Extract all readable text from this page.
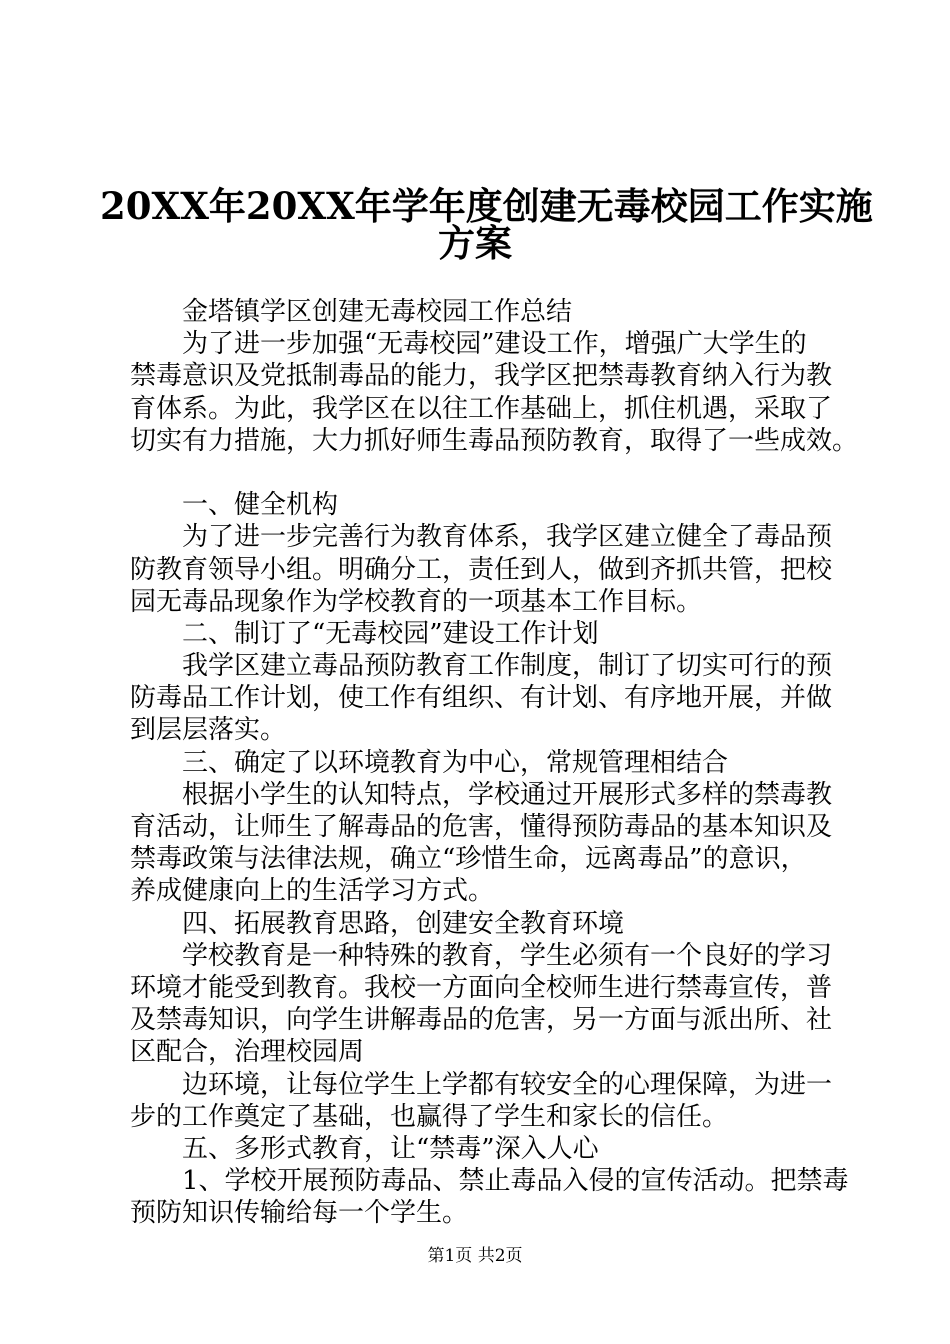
20XX年20XX年学年度创建无毒校园工作实施
方案
金塔镇学区创建无毒校园工作总结
为了进一步加强“无毒校园”建设工作，增强广大学生的
禁毒意识及党抵制毒品的能力，我学区把禁毒教育纳入行为教
育体系。为此，我学区在以往工作基础上，抓住机遇，采取了
切实有力措施，大力抓好师生毒品预防教育，取得了一些成效。
一、健全机构
为了进一步完善行为教育体系，我学区建立健全了毒品预
防教育领导小组。明确分工，责任到人，做到齐抓共管，把校
园无毒品现象作为学校教育的一项基本工作目标。
二、制订了“无毒校园”建设工作计划
我学区建立毒品预防教育工作制度，制订了切实可行的预
防毒品工作计划，使工作有组织、有计划、有序地开展，并做
到层层落实。
三、确定了以环境教育为中心，常规管理相结合
根据小学生的认知特点，学校通过开展形式多样的禁毒教
育活动，让师生了解毒品的危害，懂得预防毒品的基本知识及
禁毒政策与法律法规，确立“珍惜生命，远离毒品”的意识，
养成健康向上的生活学习方式。
四、拓展教育思路，创建安全教育环境
学校教育是一种特殊的教育，学生必须有一个良好的学习
环境才能受到教育。我校一方面向全校师生进行禁毒宣传，普
及禁毒知识，向学生讲解毒品的危害，另一方面与派出所、社
区配合，治理校园周
边环境，让每位学生上学都有较安全的心理保障，为进一
步的工作奠定了基础，也赢得了学生和家长的信任。
五、多形式教育，让“禁毒”深入人心
1、学校开展预防毒品、禁止毒品入侵的宣传活动。把禁毒
预防知识传输给每一个学生。
第1页 共2页
